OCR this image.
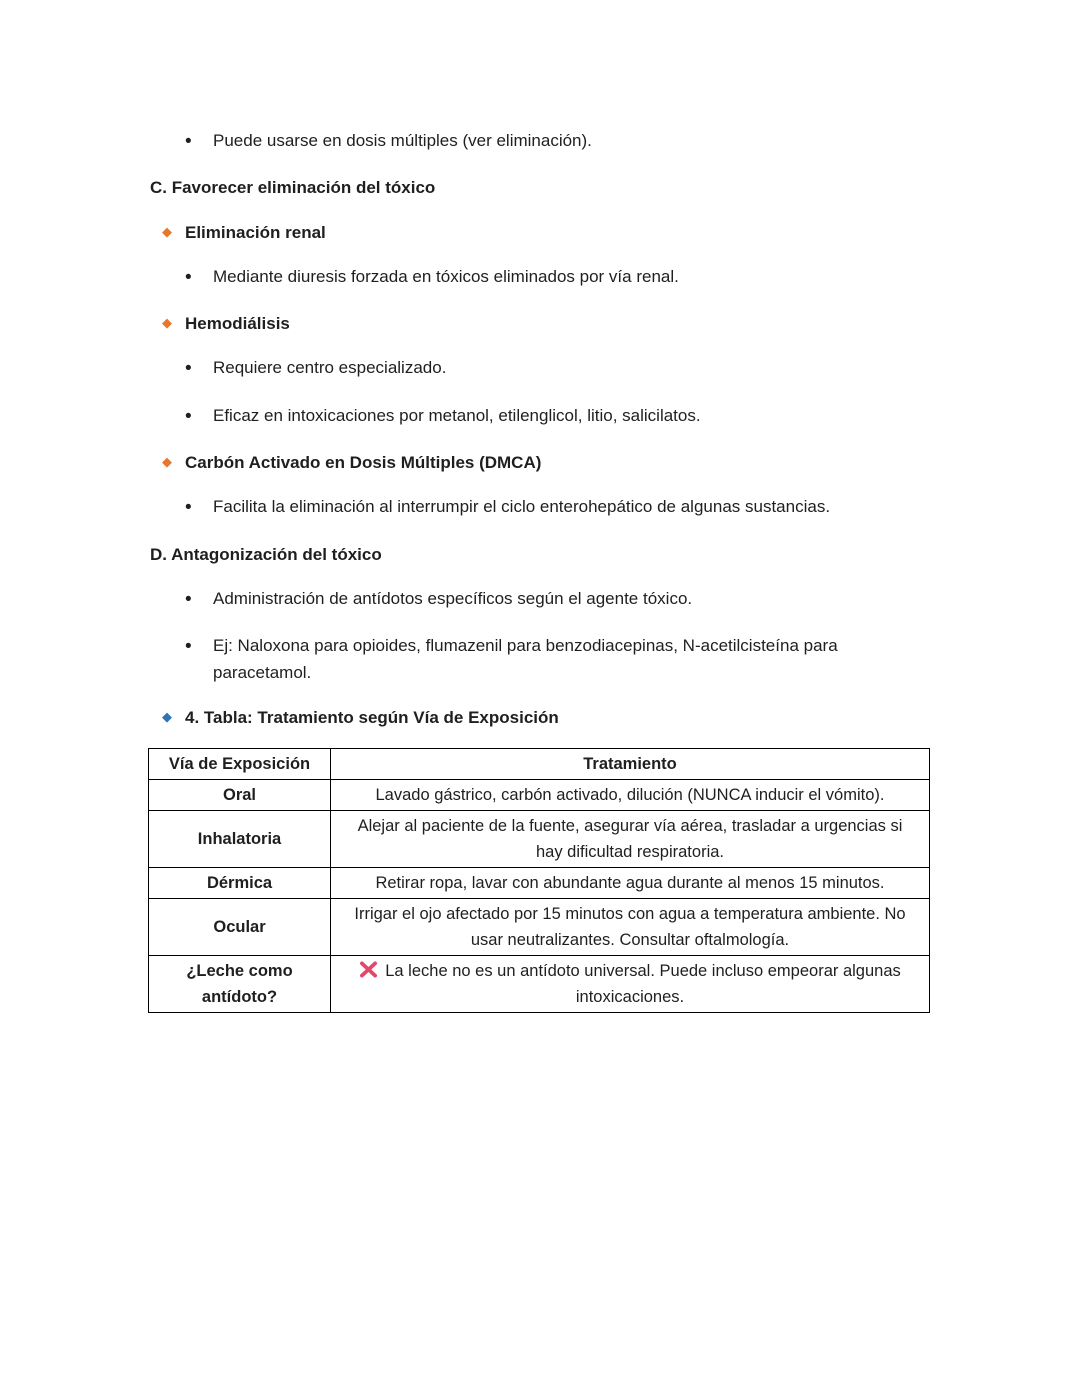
•
Puede usarse en dosis múltiples (ver eliminación).
C. Favorecer eliminación del tóxico
◆
Eliminación renal
•
Mediante diuresis forzada en tóxicos eliminados por vía renal.
◆
Hemodiálisis
•
Requiere centro especializado.
•
Eficaz en intoxicaciones por metanol, etilenglicol, litio, salicilatos.
◆
Carbón Activado en Dosis Múltiples (DMCA)
•
Facilita la eliminación al interrumpir el ciclo enterohepático de algunas sustancias.
D. Antagonización del tóxico
•
Administración de antídotos específicos según el agente tóxico.
•
Ej: Naloxona para opioides, flumazenil para benzodiacepinas, N-acetilcisteína para paracetamol.
◆
4. Tabla: Tratamiento según Vía de Exposición
Vía de Exposición	Tratamiento
Oral	Lavado gástrico, carbón activado, dilución (NUNCA inducir el vómito).
Inhalatoria	Alejar al paciente de la fuente, asegurar vía aérea, trasladar a urgencias si hay dificultad respiratoria.
Dérmica	Retirar ropa, lavar con abundante agua durante al menos 15 minutos.
Ocular	Irrigar el ojo afectado por 15 minutos con agua a temperatura ambiente. No usar neutralizantes. Consultar oftalmología.
¿Leche como antídoto?	La leche no es un antídoto universal. Puede incluso empeorar algunas intoxicaciones.
